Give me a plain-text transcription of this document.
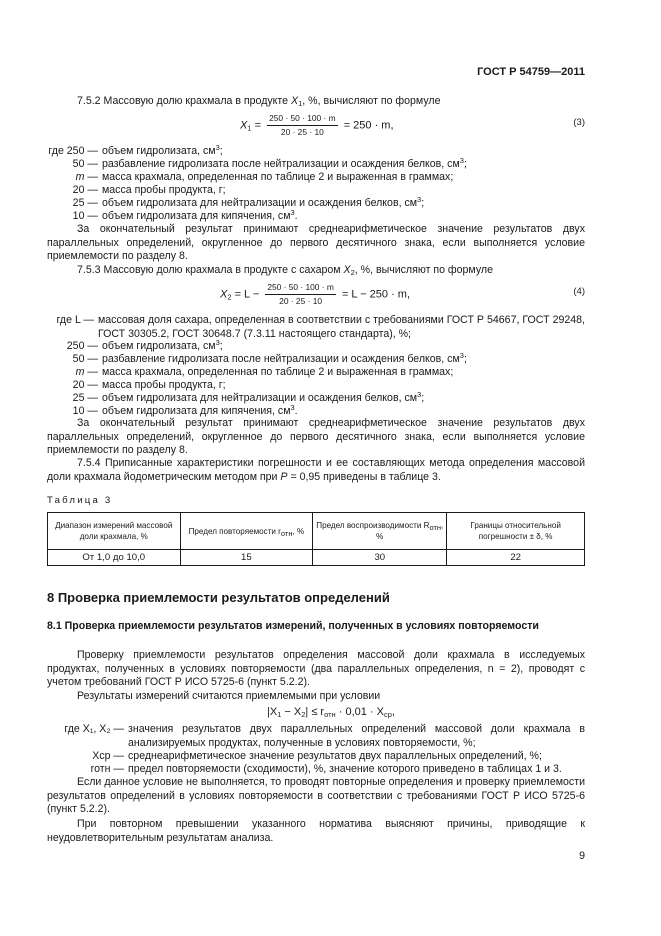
ГОСТ Р 54759—2011
7.5.2 Массовую долю крахмала в продукте $X_1$, %, вычисляют по формуле
$X_1 = \frac{250 \cdot 50 \cdot 100 \cdot m}{20 \cdot 25 \cdot 10} = 250 \cdot m$,	(3)
где 250 — объем гидролизата, $см^3$;
50 — разбавление гидролизата после нейтрализации и осаждения белков, $см^3$;
m — масса крахмала, определенная по таблице 2 и выраженная в граммах;
20 — масса пробы продукта, г;
25 — объем гидролизата для нейтрализации и осаждения белков, $см^3$;
10 — объем гидролизата для кипячения, $см^3$.
За окончательный результат принимают среднеарифметическое значение результатов двух параллельных определений, округленное до первого десятичного знака, если выполняется условие приемлемости по разделу 8.
7.5.3 Массовую долю крахмала в продукте с сахаром $X_2$, %, вычисляют по формуле
$X_2 = L - \frac{250 \cdot 50 \cdot 100 \cdot m}{20 \cdot 25 \cdot 10} = L - 250 \cdot m$,	(4)
где L — массовая доля сахара, определенная в соответствии с требованиями ГОСТ Р 54667, ГОСТ 29248, ГОСТ 30305.2, ГОСТ 30648.7 (7.3.11 настоящего стандарта), %;
250 — объем гидролизата, $см^3$;
50 — разбавление гидролизата после нейтрализации и осаждения белков, $см^3$;
m — масса крахмала, определенная по таблице 2 и выраженная в граммах;
20 — масса пробы продукта, г;
25 — объем гидролизата для нейтрализации и осаждения белков, $см^3$;
10 — объем гидролизата для кипячения, $см^3$.
За окончательный результат принимают среднеарифметическое значение результатов двух параллельных определений, округленное до первого десятичного знака, если выполняется условие приемлемости по разделу 8.
7.5.4 Приписанные характеристики погрешности и ее составляющих метода определения массовой доли крахмала йодометрическим методом при P = 0,95 приведены в таблице 3.
Таблица 3
Диапазон измерений массовой доли крахмала, %	Предел повторяемости $r_{отн}$, %	Предел воспроизводимости $R_{отн}$, %	Границы относительной погрешности ± δ, %
От 1,0 до 10,0	15	30	22
8 Проверка приемлемости результатов определений
8.1 Проверка приемлемости результатов измерений, полученных в условиях повторяемости
Проверку приемлемости результатов определения массовой доли крахмала в исследуемых продуктах, полученных в условиях повторяемости (два параллельных определения, n = 2), проводят с учетом требований ГОСТ Р ИСО 5725-6 (пункт 5.2.2).
Результаты измерений считаются приемлемыми при условии
$|X_1 - X_2| \le r_{отн} \cdot 0,01 \cdot X_{ср}$,
где X₁, X₂ — значения результатов двух параллельных определений массовой доли крахмала в анализируемых продуктах, полученные в условиях повторяемости, %;
Xср — среднеарифметическое значение результатов двух параллельных определений, %;
rотн — предел повторяемости (сходимости), %, значение которого приведено в таблицах 1 и 3.
Если данное условие не выполняется, то проводят повторные определения и проверку приемлемости результатов определений в условиях повторяемости в соответствии с требованиями ГОСТ Р ИСО 5725-6 (пункт 5.2.2).
При повторном превышении указанного норматива выясняют причины, приводящие к неудовлетворительным результатам анализа.
9
